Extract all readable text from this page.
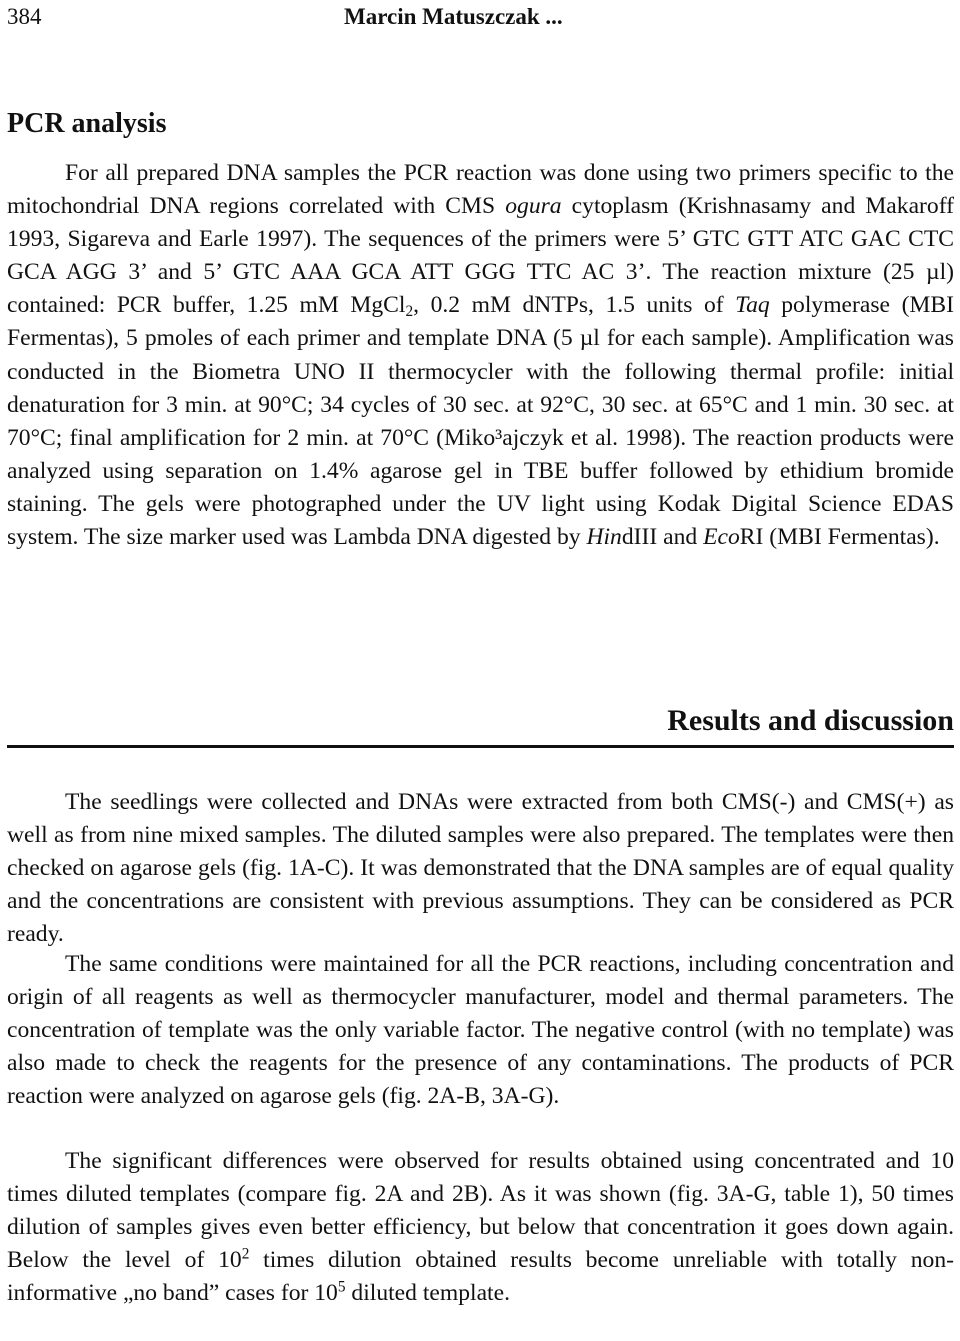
384	Marcin Matuszczak ...
PCR analysis

For all prepared DNA samples the PCR reaction was done using two primers specific to the mitochondrial DNA regions correlated with CMS ogura cytoplasm (Krishnasamy and Makaroff 1993, Sigareva and Earle 1997). The sequences of the primers were 5’ GTC GTT ATC GAC CTC GCA AGG 3’ and 5’ GTC AAA GCA ATT GGG TTC AC 3’. The reaction mixture (25 µl) contained: PCR buffer, 1.25 mM MgCl$_2$, 0.2 mM dNTPs, 1.5 units of Taq polymerase (MBI Fermentas), 5 pmoles of each primer and template DNA (5 µl for each sample). Amplification was conducted in the Biometra UNO II thermocycler with the following thermal profile: initial denaturation for 3 min. at 90°C; 34 cycles of 30 sec. at 92°C, 30 sec. at 65°C and 1 min. 30 sec. at 70°C; final amplification for 2 min. at 70°C (Miko³ajczyk et al. 1998). The reaction products were analyzed using separation on 1.4% agarose gel in TBE buffer followed by ethidium bromide staining. The gels were photographed under the UV light using Kodak Digital Science EDAS system. The size marker used was Lambda DNA digested by HindIII and EcoRI (MBI Fermentas).

Results and discussion

The seedlings were collected and DNAs were extracted from both CMS(-) and CMS(+) as well as from nine mixed samples. The diluted samples were also prepared. The templates were then checked on agarose gels (fig. 1A-C). It was demonstrated that the DNA samples are of equal quality and the concentrations are consistent with previous assumptions. They can be considered as PCR ready.

The same conditions were maintained for all the PCR reactions, including concentration and origin of all reagents as well as thermocycler manufacturer, model and thermal parameters. The concentration of template was the only variable factor. The negative control (with no template) was also made to check the reagents for the presence of any contaminations. The products of PCR reaction were analyzed on agarose gels (fig. 2A-B, 3A-G).

The significant differences were observed for results obtained using concentrated and 10 times diluted templates (compare fig. 2A and 2B). As it was shown (fig. 3A-G, table 1), 50 times dilution of samples gives even better efficiency, but below that concentration it goes down again. Below the level of $10^2$ times dilution obtained results become unreliable with totally non-informative „no band” cases for $10^5$ diluted template.
